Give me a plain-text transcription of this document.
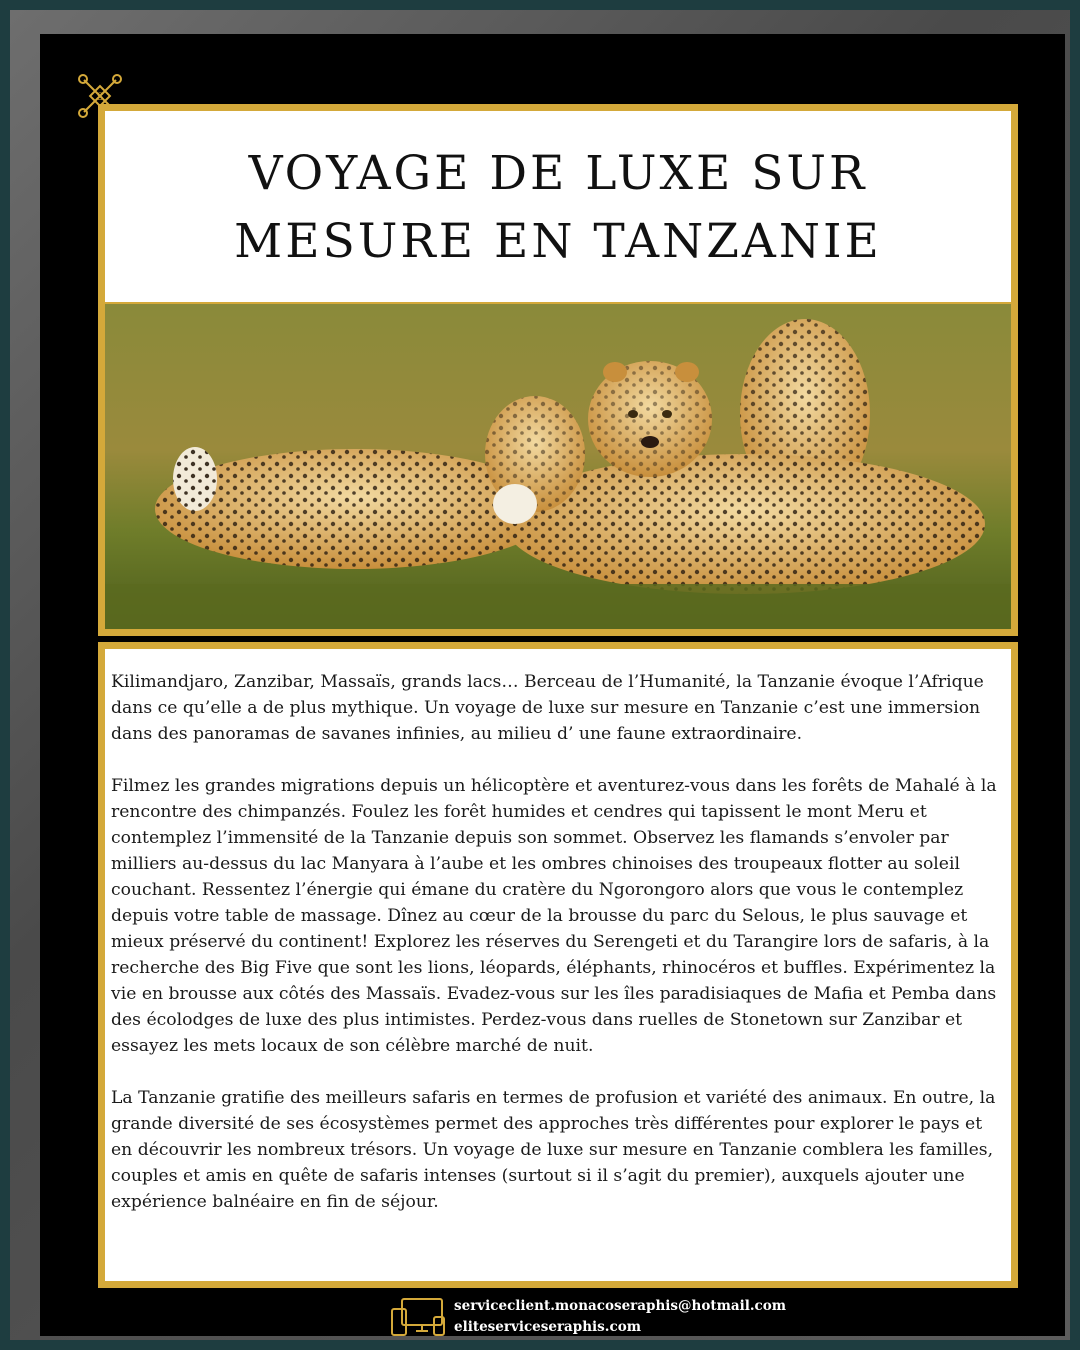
S
VOYAGE DE LUXE SUR MESURE EN TANZANIE

Kilimandjaro, Zanzibar, Massaïs, grands lacs… Berceau de l’Humanité, la Tanzanie évoque l’Afrique dans ce qu’elle a de plus mythique. Un voyage de luxe sur mesure en Tanzanie c’est une immersion dans des panoramas de savanes infinies, au milieu d’ une faune extraordinaire.

Filmez les grandes migrations depuis un hélicoptère et aventurez-vous dans les forêts de Mahalé à la rencontre des chimpanzés. Foulez les forêt humides et cendres qui tapissent le mont Meru et contemplez l’immensité de la Tanzanie depuis son sommet. Observez les flamands s’envoler par milliers au-dessus du lac Manyara à l’aube et les ombres chinoises des troupeaux flotter au soleil couchant. Ressentez l’énergie qui émane du cratère du Ngorongoro alors que vous le contemplez depuis votre table de massage. Dînez au cœur de la brousse du parc du Selous, le plus sauvage et mieux préservé du continent! Explorez les réserves du Serengeti et du Tarangire lors de safaris, à la recherche des Big Five que sont les lions, léopards, éléphants, rhinocéros et buffles. Expérimentez la vie en brousse aux côtés des Massaïs. Evadez-vous sur les îles paradisiaques de Mafia et Pemba dans des écolodges de luxe des plus intimistes. Perdez-vous dans ruelles de Stonetown sur Zanzibar et essayez les mets locaux de son célèbre marché de nuit.

La Tanzanie gratifie des meilleurs safaris en termes de profusion et variété des animaux. En outre, la grande diversité de ses écosystèmes permet des approches très différentes pour explorer le pays et en découvrir les nombreux trésors. Un voyage de luxe sur mesure en Tanzanie comblera les familles, couples et amis en quête de safaris intenses (surtout si il s’agit du premier), auxquels ajouter une expérience balnéaire en fin de séjour.

serviceclient.monacoseraphis@hotmail.com
eliteserviceseraphis.com
